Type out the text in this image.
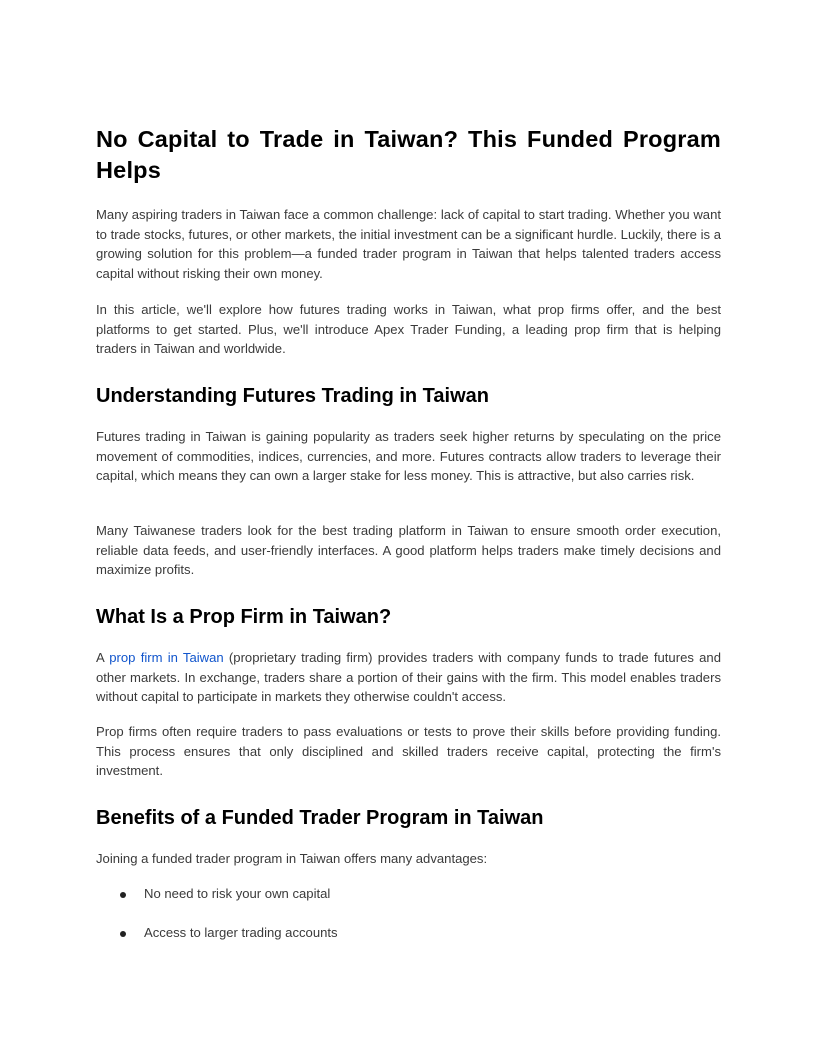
No Capital to Trade in Taiwan? This Funded Program Helps

Many aspiring traders in Taiwan face a common challenge: lack of capital to start trading. Whether you want to trade stocks, futures, or other markets, the initial investment can be a significant hurdle. Luckily, there is a growing solution for this problem—a funded trader program in Taiwan that helps talented traders access capital without risking their own money.

In this article, we'll explore how futures trading works in Taiwan, what prop firms offer, and the best platforms to get started. Plus, we'll introduce Apex Trader Funding, a leading prop firm that is helping traders in Taiwan and worldwide.

Understanding Futures Trading in Taiwan

Futures trading in Taiwan is gaining popularity as traders seek higher returns by speculating on the price movement of commodities, indices, currencies, and more. Futures contracts allow traders to leverage their capital, which means they can own a larger stake for less money. This is attractive, but also carries risk.

Many Taiwanese traders look for the best trading platform in Taiwan to ensure smooth order execution, reliable data feeds, and user-friendly interfaces. A good platform helps traders make timely decisions and maximize profits.

What Is a Prop Firm in Taiwan?

A prop firm in Taiwan (proprietary trading firm) provides traders with company funds to trade futures and other markets. In exchange, traders share a portion of their gains with the firm. This model enables traders without capital to participate in markets they otherwise couldn't access.

Prop firms often require traders to pass evaluations or tests to prove their skills before providing funding. This process ensures that only disciplined and skilled traders receive capital, protecting the firm's investment.

Benefits of a Funded Trader Program in Taiwan

Joining a funded trader program in Taiwan offers many advantages:

No need to risk your own capital
Access to larger trading accounts
